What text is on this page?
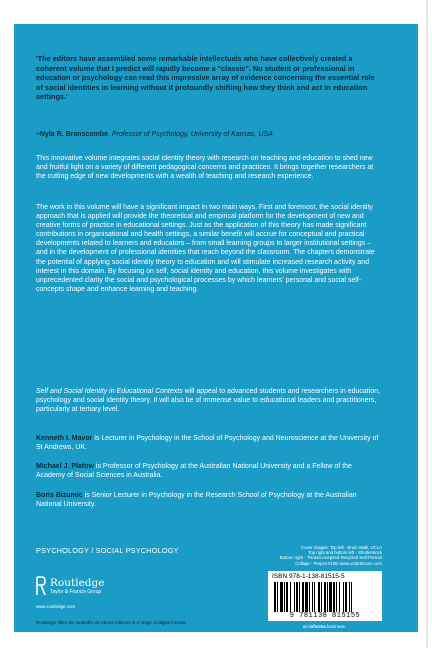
'The editors have assembled some remarkable intellectuals who have collectively created a coherent volume that I predict will rapidly become a "classic". No student or professional in education or psychology can read this impressive array of evidence concerning the essential role of social identities in learning without it profoundly shifting how they think and act in education settings.'

–Nyla R. Branscombe, Professor of Psychology, University of Kansas, USA

This innovative volume integrates social identity theory with research on teaching and education to shed new and fruitful light on a variety of different pedagogical concerns and practices. It brings together researchers at the cutting edge of new developments with a wealth of teaching and research experience.

The work in this volume will have a significant impact in two main ways. First and foremost, the social identity approach that is applied will provide the theoretical and empirical platform for the development of new and creative forms of practice in educational settings. Just as the application of this theory has made significant contributions in organisational and health settings, a similar benefit will accrue for conceptual and practical developments related to learners and educators – from small learning groups to larger institutional settings – and in the development of professional identities that reach beyond the classroom. The chapters demonstrate the potential of applying social identity theory to education and will stimulate increased research activity and interest in this domain. By focusing on self, social identity and education, this volume investigates with unprecedented clarity the social and psychological processes by which learners' personal and social self-concepts shape and enhance learning and teaching.

Self and Social Identity in Educational Contexts will appeal to advanced students and researchers in education, psychology and social identity theory. It will also be of immense value to educational leaders and practitioners, particularly at tertiary level.

Kenneth I. Mavor is Lecturer in Psychology in the School of Psychology and Neuroscience at the University of St Andrews, UK.

Michael J. Platow is Professor of Psychology at the Australian National University and a Fellow of the Academy of Social Sciences in Australia.

Boris Bizumic is Senior Lecturer in Psychology in the Research School of Psychology at the Australian National University.

PSYCHOLOGY / SOCIAL PSYCHOLOGY
Routledge
Taylor & Francis Group
www.routledge.com
Routledge titles are available as eBook editions in a range of digital formats
Cover images: Top left - Bruin Walk, UCLA
Top right and bottom left - Shutterstock
Bottom right - 'Picasso-inspired Recycled Self-Portrait
Collage - Project #165' www.umbrtimone.com
ISBN 978-1-138-81515-5
9 781138 815155
an informa business
